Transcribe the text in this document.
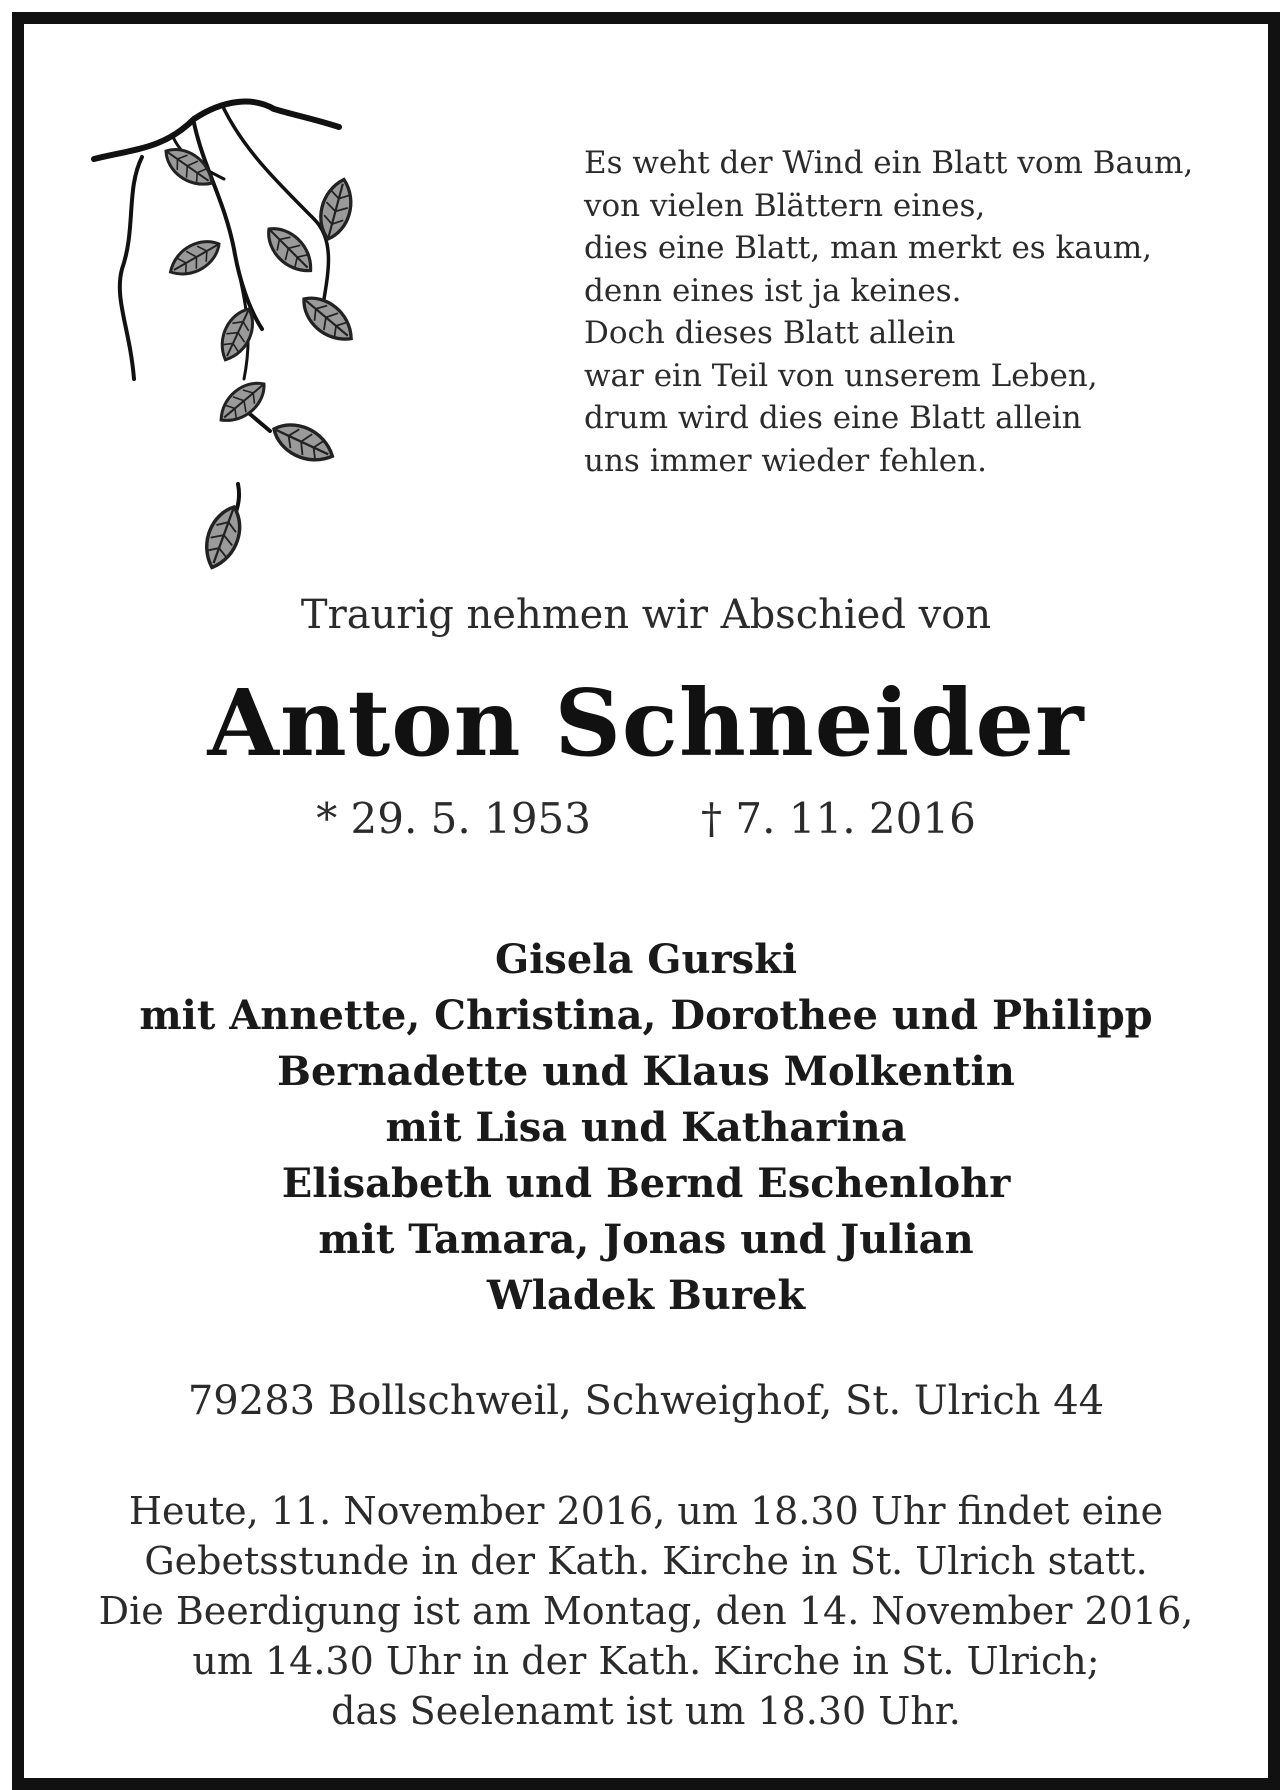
Es weht der Wind ein Blatt vom Baum,
von vielen Blättern eines,
dies eine Blatt, man merkt es kaum,
denn eines ist ja keines.
Doch dieses Blatt allein
war ein Teil von unserem Leben,
drum wird dies eine Blatt allein
uns immer wieder fehlen.
Traurig nehmen wir Abschied von
Anton Schneider
* 29. 5. 1953	† 7. 11. 2016
Gisela Gurski
mit Annette, Christina, Dorothee und Philipp
Bernadette und Klaus Molkentin
mit Lisa und Katharina
Elisabeth und Bernd Eschenlohr
mit Tamara, Jonas und Julian
Wladek Burek
79283 Bollschweil, Schweighof, St. Ulrich 44
Heute, 11. November 2016, um 18.30 Uhr findet eine
Gebetsstunde in der Kath. Kirche in St. Ulrich statt.
Die Beerdigung ist am Montag, den 14. November 2016,
um 14.30 Uhr in der Kath. Kirche in St. Ulrich;
das Seelenamt ist um 18.30 Uhr.
